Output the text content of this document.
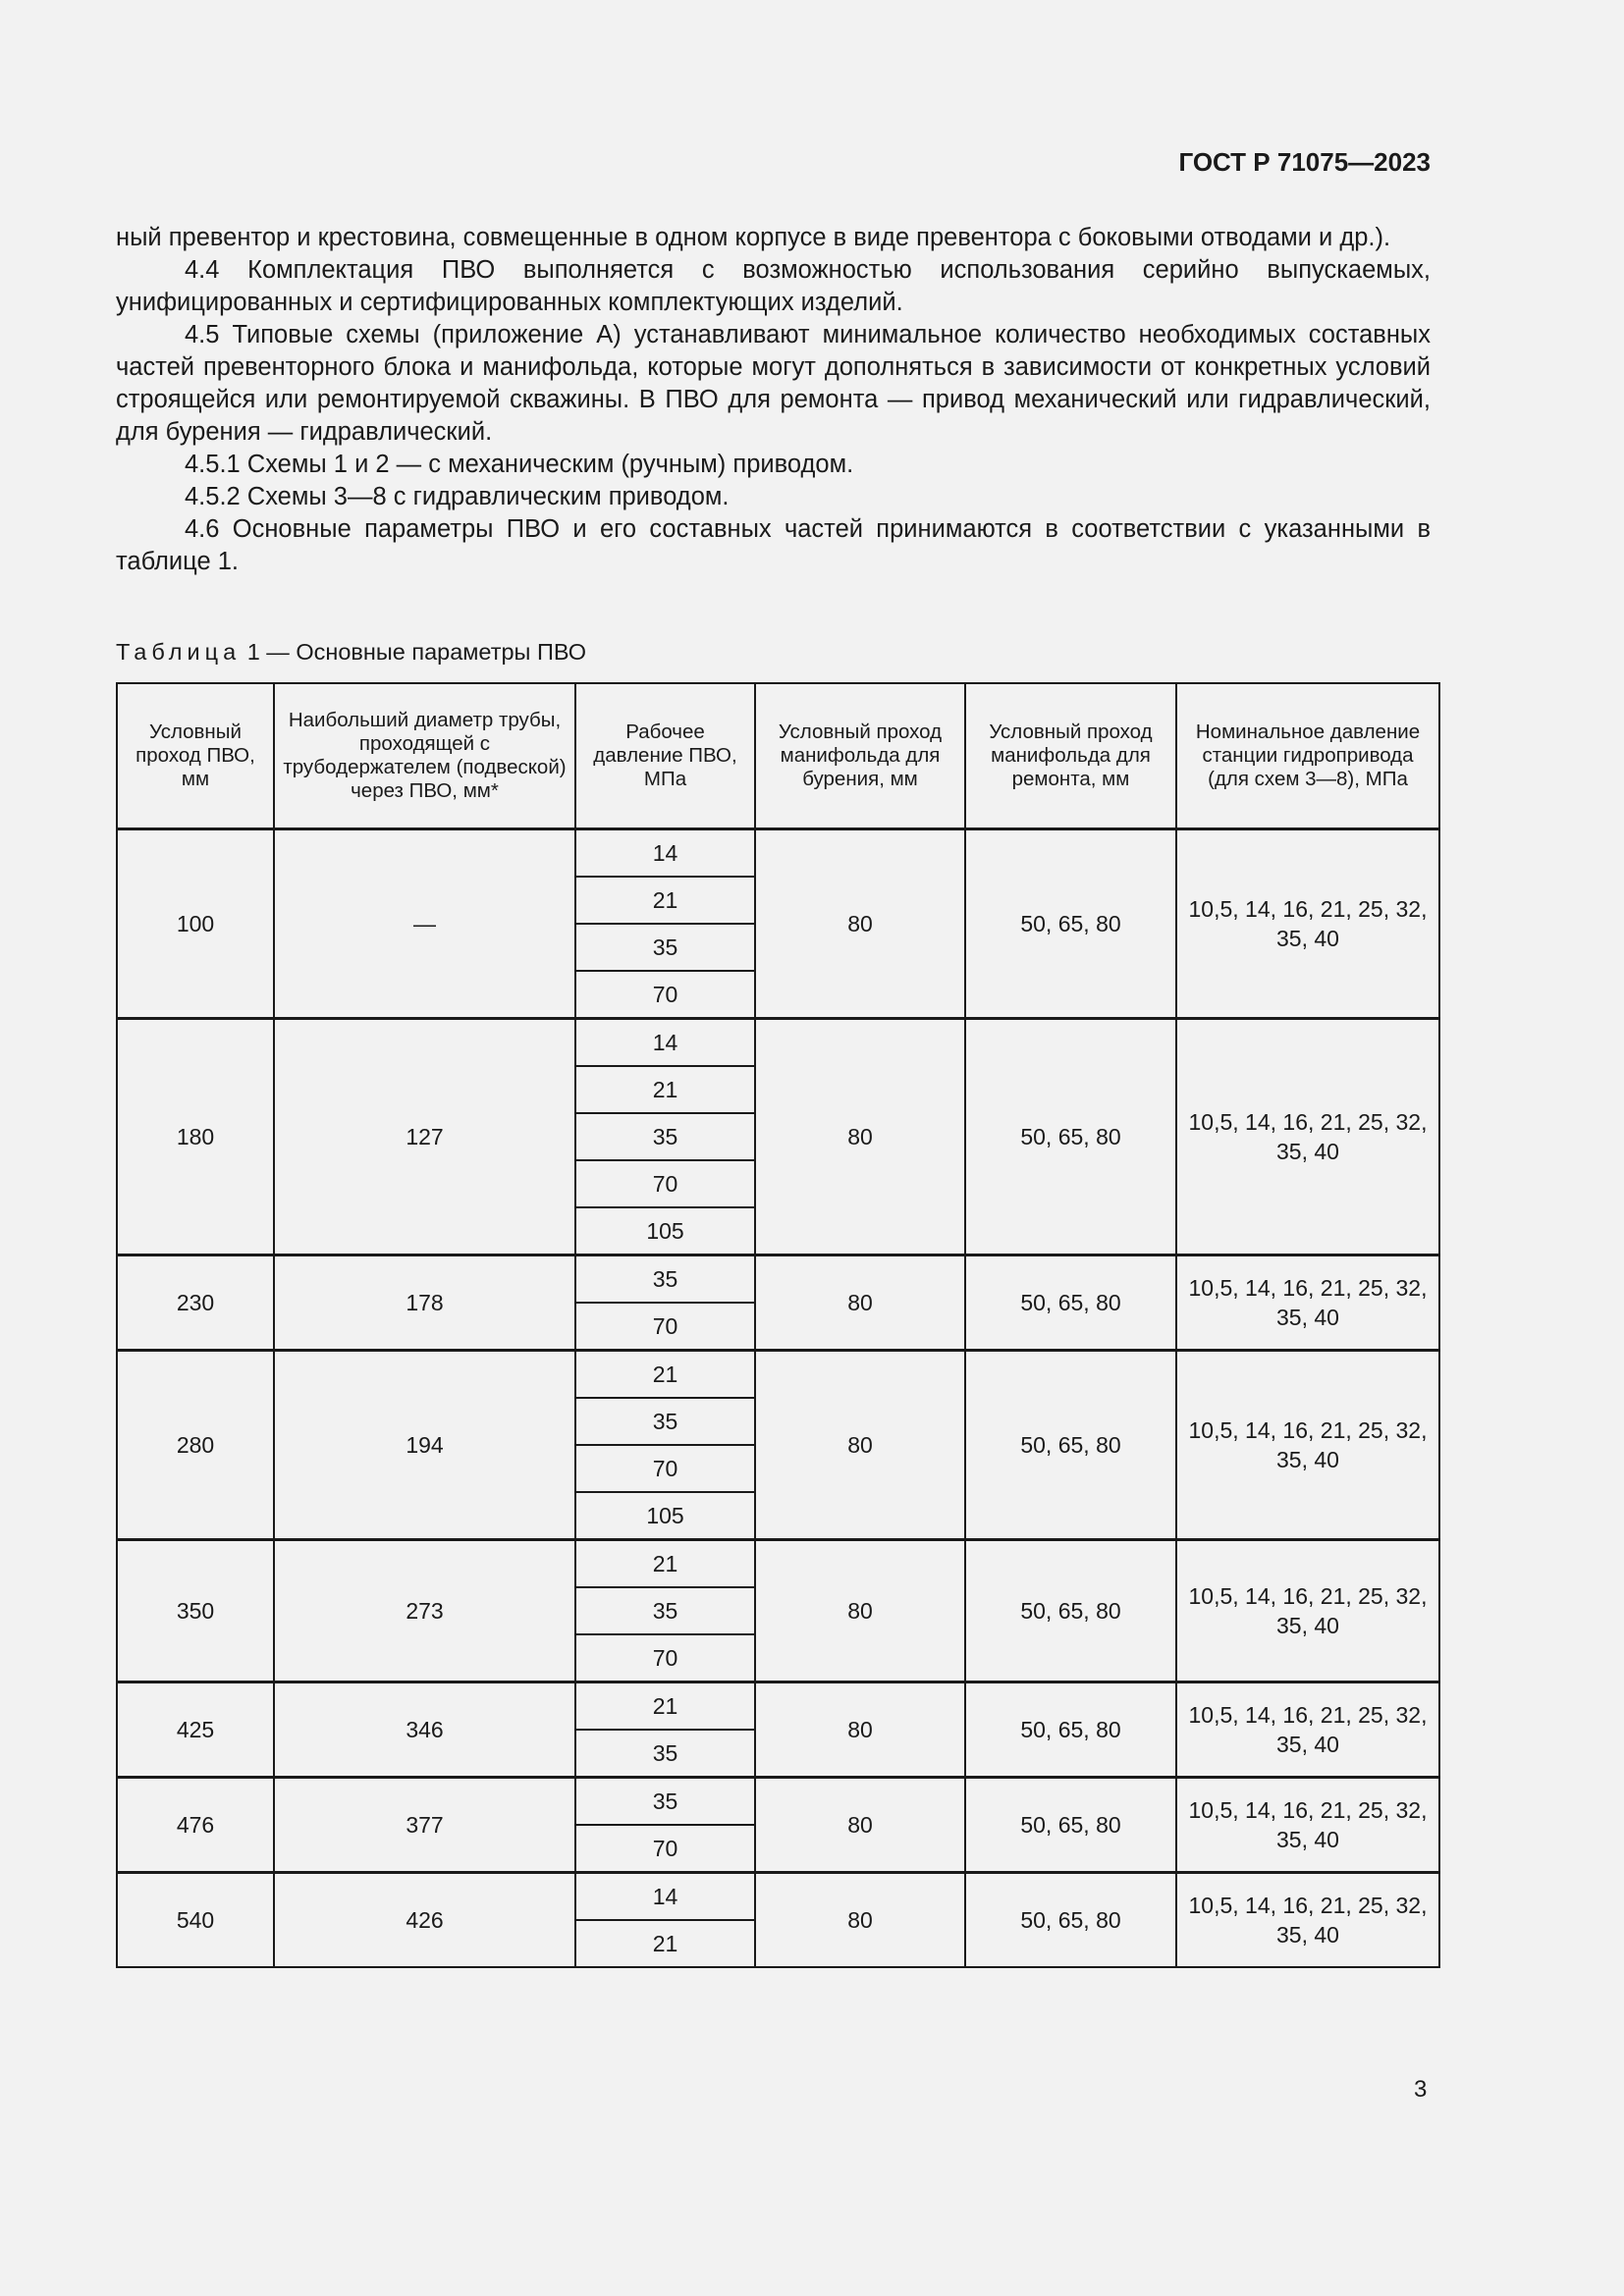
ГОСТ Р 71075—2023

ный превентор и крестовина, совмещенные в одном корпусе в виде превентора с боковыми отводами и др.).

4.4 Комплектация ПВО выполняется с возможностью использования серийно выпускаемых, унифицированных и сертифицированных комплектующих изделий.

4.5 Типовые схемы (приложение А) устанавливают минимальное количество необходимых составных частей превенторного блока и манифольда, которые могут дополняться в зависимости от конкретных условий строящейся или ремонтируемой скважины. В ПВО для ремонта — привод механический или гидравлический, для бурения — гидравлический.

4.5.1 Схемы 1 и 2 — с механическим (ручным) приводом.

4.5.2 Схемы 3—8 с гидравлическим приводом.

4.6 Основные параметры ПВО и его составных частей принимаются в соответствии с указанными в таблице 1.

Таблица 1 — Основные параметры ПВО
Условный проход ПВО, мм	Наибольший диаметр трубы, проходящей с трубодержателем (подвеской) через ПВО, мм*	Рабочее давление ПВО, МПа	Условный проход манифольда для бурения, мм	Условный проход манифольда для ремонта, мм	Номинальное давление станции гидропривода (для схем 3—8), МПа
100	—	14	80	50, 65, 80	10,5, 14, 16, 21, 25, 32, 35, 40
		21			
		35			
		70			
180	127	14	80	50, 65, 80	10,5, 14, 16, 21, 25, 32, 35, 40
		21			
		35			
		70			
		105			
230	178	35	80	50, 65, 80	10,5, 14, 16, 21, 25, 32, 35, 40
		70			
280	194	21	80	50, 65, 80	10,5, 14, 16, 21, 25, 32, 35, 40
		35			
		70			
		105			
350	273	21	80	50, 65, 80	10,5, 14, 16, 21, 25, 32, 35, 40
		35			
		70			
425	346	21	80	50, 65, 80	10,5, 14, 16, 21, 25, 32, 35, 40
		35			
476	377	35	80	50, 65, 80	10,5, 14, 16, 21, 25, 32, 35, 40
		70			
540	426	14	80	50, 65, 80	10,5, 14, 16, 21, 25, 32, 35, 40
		21			
3
